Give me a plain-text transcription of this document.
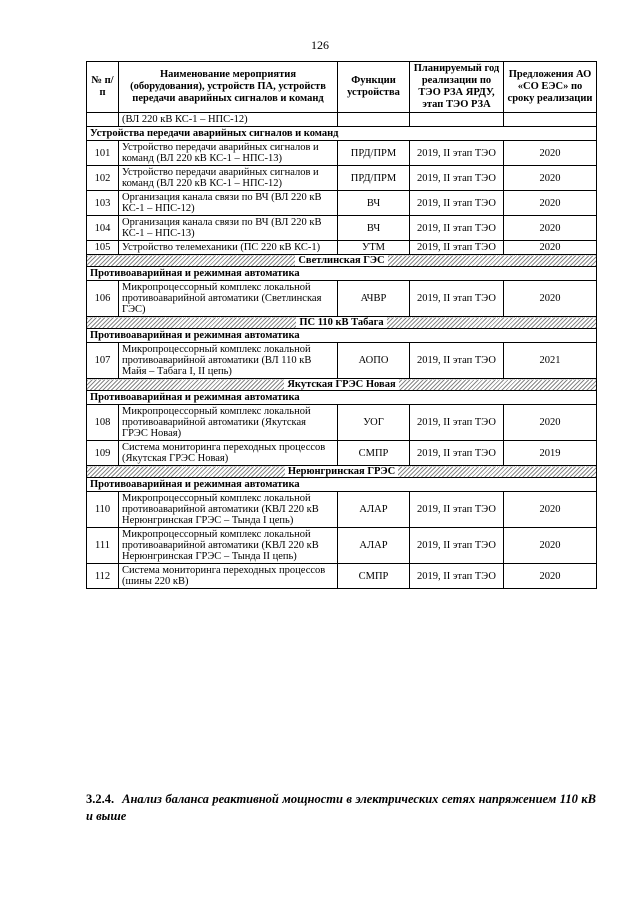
126
№ п/п	Наименование мероприятия (оборудования), устройств ПА, устройств передачи аварийных сигналов и команд	Функции устройства	Планируемый год реализации по ТЭО РЗА ЯРДУ, этап ТЭО РЗА	Предложения АО «СО ЕЭС» по сроку реализации
	(ВЛ 220 кВ КС-1 – НПС-12)			
Устройства передачи аварийных сигналов и команд				
101	Устройство передачи аварийных сигналов и команд (ВЛ 220 кВ КС-1 – НПС-13)	ПРД/ПРМ	2019, II этап ТЭО	2020
102	Устройство передачи аварийных сигналов и команд (ВЛ 220 кВ КС-1 – НПС-12)	ПРД/ПРМ	2019, II этап ТЭО	2020
103	Организация канала связи по ВЧ (ВЛ 220 кВ КС-1 – НПС-12)	ВЧ	2019, II этап ТЭО	2020
104	Организация канала связи по ВЧ (ВЛ 220 кВ КС-1 – НПС-13)	ВЧ	2019, II этап ТЭО	2020
105	Устройство телемеханики (ПС 220 кВ КС-1)	УТМ	2019, II этап ТЭО	2020
Светлинская ГЭС				
Противоаварийная и режимная автоматика				
106	Микропроцессорный комплекс локальной противоаварийной автоматики (Светлинская ГЭС)	АЧВР	2019, II этап ТЭО	2020
ПС 110 кВ Табага				
Противоаварийная и режимная автоматика				
107	Микропроцессорный комплекс локальной противоаварийной автоматики (ВЛ 110 кВ Майя – Табага I, II цепь)	АОПО	2019, II этап ТЭО	2021
Якутская ГРЭС Новая				
Противоаварийная и режимная автоматика				
108	Микропроцессорный комплекс локальной противоаварийной автоматики (Якутская ГРЭС Новая)	УОГ	2019, II этап ТЭО	2020
109	Система мониторинга переходных процессов (Якутская ГРЭС Новая)	СМПР	2019, II этап ТЭО	2019
Нерюнгринская ГРЭС				
Противоаварийная и режимная автоматика				
110	Микропроцессорный комплекс локальной противоаварийной автоматики (КВЛ 220 кВ Нерюнгринская ГРЭС – Тында I цепь)	АЛАР	2019, II этап ТЭО	2020
111	Микропроцессорный комплекс локальной противоаварийной автоматики (КВЛ 220 кВ Нерюнгринская ГРЭС – Тында II цепь)	АЛАР	2019, II этап ТЭО	2020
112	Система мониторинга переходных процессов (шины 220 кВ)	СМПР	2019, II этап ТЭО	2020
3.2.4. Анализ баланса реактивной мощности в электрических сетях напряжением 110 кВ и выше
